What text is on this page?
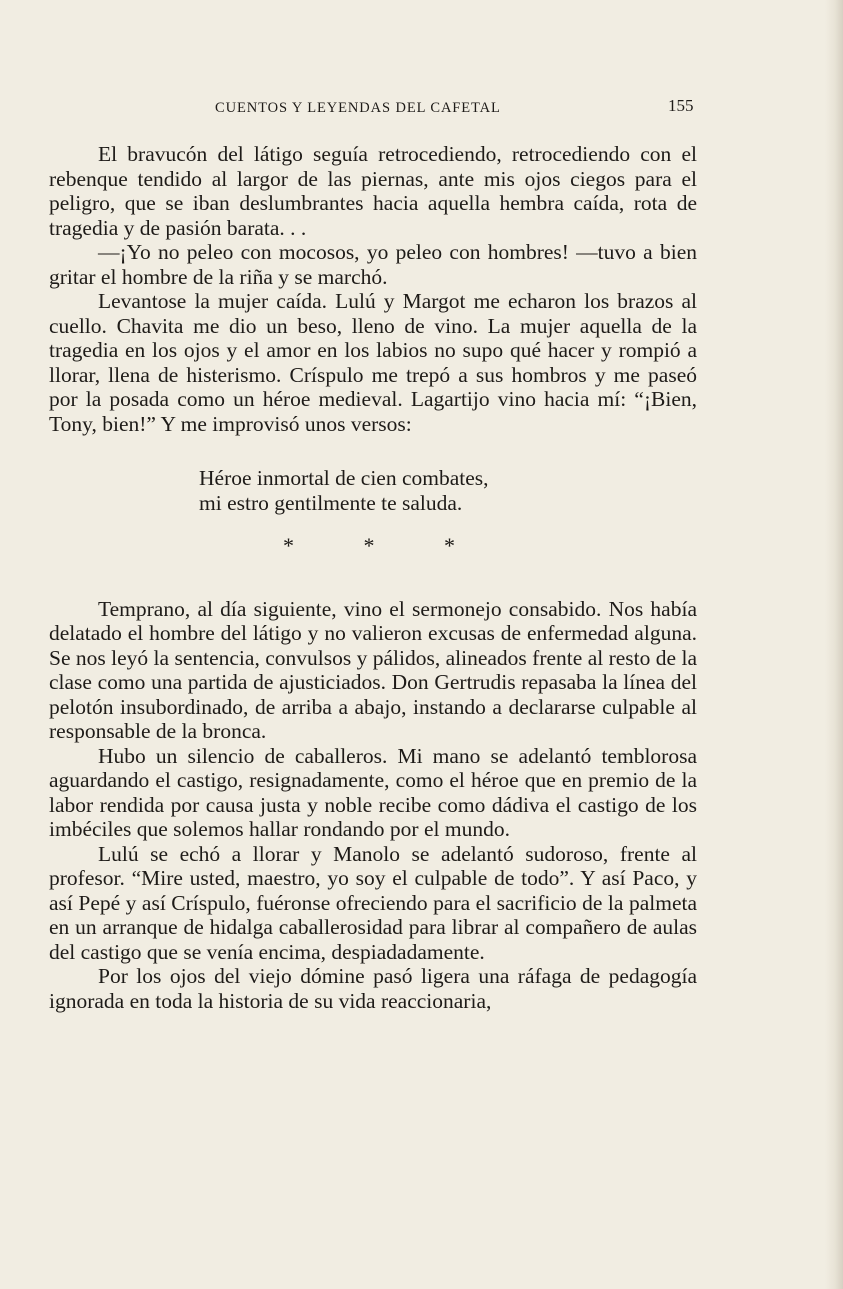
CUENTOS Y LEYENDAS DEL CAFETAL	155

El bravucón del látigo seguía retrocediendo, retrocediendo con el rebenque tendido al largor de las piernas, ante mis ojos ciegos para el peligro, que se iban deslumbrantes hacia aquella hembra caída, rota de tragedia y de pasión barata. . .

—¡Yo no peleo con mocosos, yo peleo con hombres! —tuvo a bien gritar el hombre de la riña y se marchó.

Levantose la mujer caída. Lulú y Margot me echaron los brazos al cuello. Chavita me dio un beso, lleno de vino. La mujer aquella de la tragedia en los ojos y el amor en los labios no supo qué hacer y rompió a llorar, llena de histerismo. Críspulo me trepó a sus hombros y me paseó por la posada como un héroe medieval. Lagartijo vino hacia mí: “¡Bien, Tony, bien!” Y me improvisó unos versos:

Héroe inmortal de cien combates,
mi estro gentilmente te saluda.
* * *

Temprano, al día siguiente, vino el sermonejo consabido. Nos había delatado el hombre del látigo y no valieron excusas de enfermedad alguna. Se nos leyó la sentencia, convulsos y pálidos, alineados frente al resto de la clase como una partida de ajusticiados. Don Gertrudis repasaba la línea del pelotón insubordinado, de arriba a abajo, instando a declararse culpable al responsable de la bronca.

Hubo un silencio de caballeros. Mi mano se adelantó temblorosa aguardando el castigo, resignadamente, como el héroe que en premio de la labor rendida por causa justa y noble recibe como dádiva el castigo de los imbéciles que solemos hallar rondando por el mundo.

Lulú se echó a llorar y Manolo se adelantó sudoroso, frente al profesor. “Mire usted, maestro, yo soy el culpable de todo”. Y así Paco, y así Pepé y así Críspulo, fuéronse ofreciendo para el sacrificio de la palmeta en un arranque de hidalga caballerosidad para librar al compañero de aulas del castigo que se venía encima, despiadadamente.

Por los ojos del viejo dómine pasó ligera una ráfaga de pedagogía ignorada en toda la historia de su vida reaccionaria,
